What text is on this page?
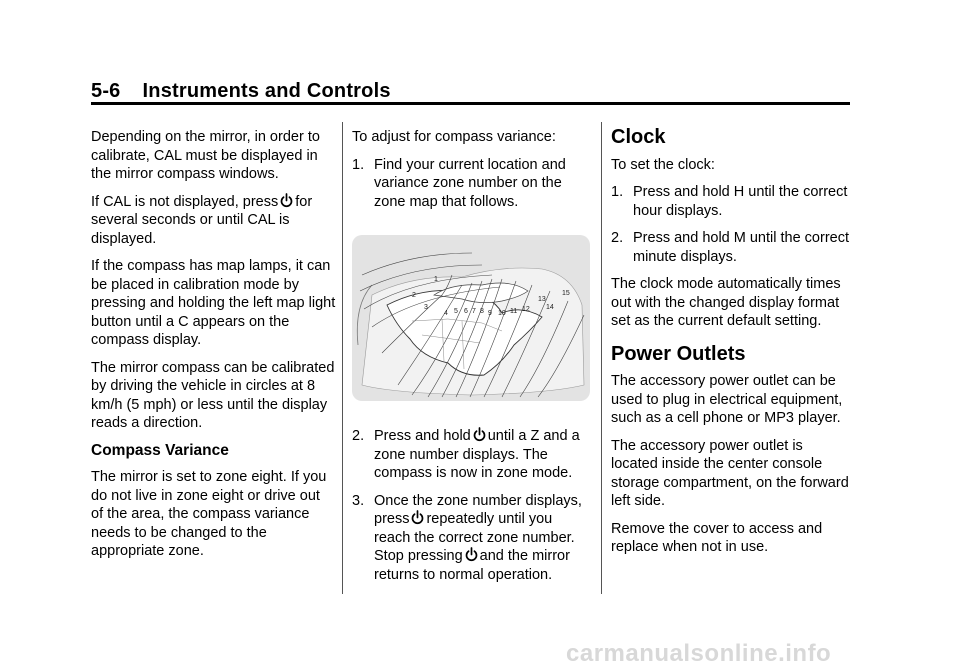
5-6 Instruments and Controls

Depending on the mirror, in order to calibrate, CAL must be displayed in the mirror compass windows.

If CAL is not displayed, press for several seconds or until CAL is displayed.

If the compass has map lamps, it can be placed in calibration mode by pressing and holding the left map light button until a C appears on the compass display.

The mirror compass can be calibrated by driving the vehicle in circles at 8 km/h (5 mph) or less until the display reads a direction.

Compass Variance

The mirror is set to zone eight. If you do not live in zone eight or drive out of the area, the compass variance needs to be changed to the appropriate zone.

To adjust for compass variance:

1. Find your current location and variance zone number on the zone map that follows.
1
2
3
4 5 6 7 8 9 10 11 12
13
14
15
2. Press and hold until a Z and a zone number displays. The compass is now in zone mode.
3. Once the zone number displays, press repeatedly until you reach the correct zone number. Stop pressing and the mirror returns to normal operation.
Clock

To set the clock:

1. Press and hold H until the correct hour displays.
2. Press and hold M until the correct minute displays.

The clock mode automatically times out with the changed display format set as the current default setting.

Power Outlets

The accessory power outlet can be used to plug in electrical equipment, such as a cell phone or MP3 player.

The accessory power outlet is located inside the center console storage compartment, on the forward left side.

Remove the cover to access and replace when not in use.

carmanualsonline.info
